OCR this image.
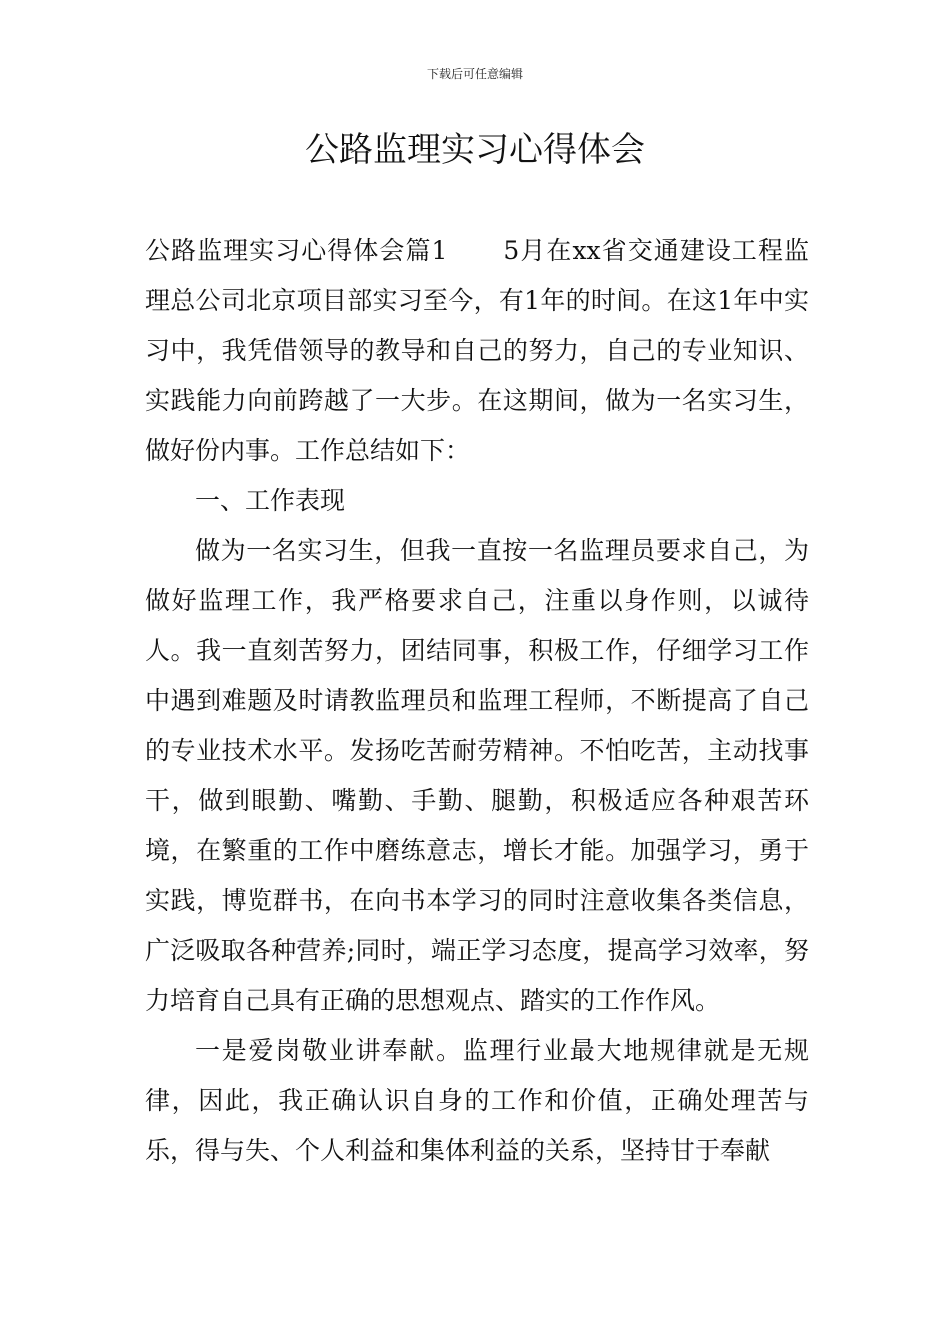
下载后可任意编辑
公路监理实习心得体会

公路监理实习心得体会篇1 5月在xx省交通建设工程监理总公司北京项目部实习至今，有1年的时间。在这1年中实习中，我凭借领导的教导和自己的努力，自己的专业知识、实践能力向前跨越了一大步。在这期间，做为一名实习生，做好份内事。工作总结如下：

一、工作表现

做为一名实习生，但我一直按一名监理员要求自己，为做好监理工作，我严格要求自己，注重以身作则，以诚待人。我一直刻苦努力，团结同事，积极工作，仔细学习工作中遇到难题及时请教监理员和监理工程师，不断提高了自己的专业技术水平。发扬吃苦耐劳精神。不怕吃苦，主动找事干，做到眼勤、嘴勤、手勤、腿勤，积极适应各种艰苦环境，在繁重的工作中磨练意志，增长才能。加强学习，勇于实践，博览群书，在向书本学习的同时注意收集各类信息，广泛吸取各种营养;同时，端正学习态度，提高学习效率，努力培育自己具有正确的思想观点、踏实的工作作风。

一是爱岗敬业讲奉献。监理行业最大地规律就是无规律，因此，我正确认识自身的工作和价值，正确处理苦与乐，得与失、个人利益和集体利益的关系，坚持甘于奉献
